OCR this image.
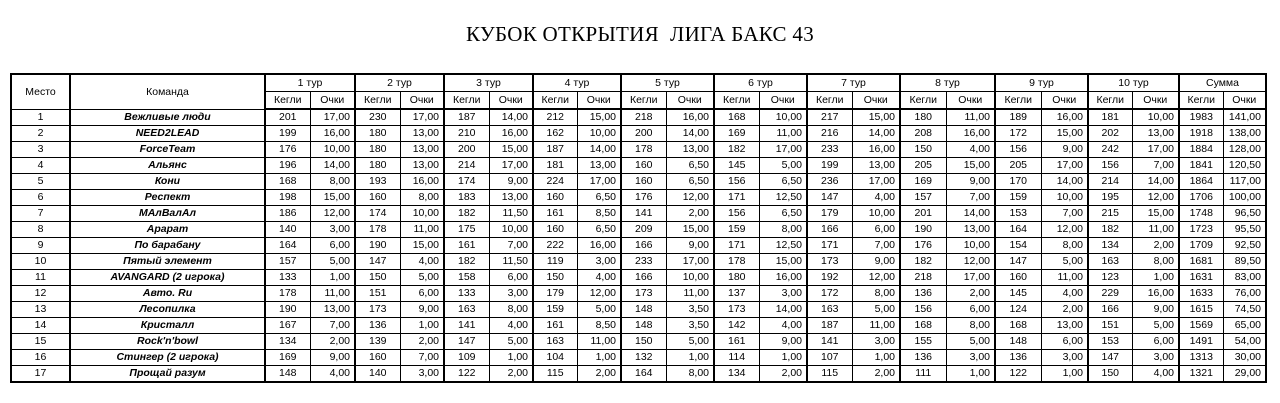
КУБОК ОТКРЫТИЯ  ЛИГА БАКС 43
Место	Команда	1 тур		2 тур		3 тур		4 тур		5 тур		6 тур		7 тур		8 тур		9 тур		10 тур		Сумма	
		Кегли	Очки	Кегли	Очки	Кегли	Очки	Кегли	Очки	Кегли	Очки	Кегли	Очки	Кегли	Очки	Кегли	Очки	Кегли	Очки	Кегли	Очки	Кегли	Очки
1	Вежливые люди	201	17,00	230	17,00	187	14,00	212	15,00	218	16,00	168	10,00	217	15,00	180	11,00	189	16,00	181	10,00	1983	141,00
2	NEED2LEAD	199	16,00	180	13,00	210	16,00	162	10,00	200	14,00	169	11,00	216	14,00	208	16,00	172	15,00	202	13,00	1918	138,00
3	ForceTeam	176	10,00	180	13,00	200	15,00	187	14,00	178	13,00	182	17,00	233	16,00	150	4,00	156	9,00	242	17,00	1884	128,00
4	Альянс	196	14,00	180	13,00	214	17,00	181	13,00	160	6,50	145	5,00	199	13,00	205	15,00	205	17,00	156	7,00	1841	120,50
5	Кони	168	8,00	193	16,00	174	9,00	224	17,00	160	6,50	156	6,50	236	17,00	169	9,00	170	14,00	214	14,00	1864	117,00
6	Респект	198	15,00	160	8,00	183	13,00	160	6,50	176	12,00	171	12,50	147	4,00	157	7,00	159	10,00	195	12,00	1706	100,00
7	МАлВалАл	186	12,00	174	10,00	182	11,50	161	8,50	141	2,00	156	6,50	179	10,00	201	14,00	153	7,00	215	15,00	1748	96,50
8	Арарат	140	3,00	178	11,00	175	10,00	160	6,50	209	15,00	159	8,00	166	6,00	190	13,00	164	12,00	182	11,00	1723	95,50
9	По барабану	164	6,00	190	15,00	161	7,00	222	16,00	166	9,00	171	12,50	171	7,00	176	10,00	154	8,00	134	2,00	1709	92,50
10	Пятый элемент	157	5,00	147	4,00	182	11,50	119	3,00	233	17,00	178	15,00	173	9,00	182	12,00	147	5,00	163	8,00	1681	89,50
11	AVANGARD (2 игрока)	133	1,00	150	5,00	158	6,00	150	4,00	166	10,00	180	16,00	192	12,00	218	17,00	160	11,00	123	1,00	1631	83,00
12	Авто. Ru	178	11,00	151	6,00	133	3,00	179	12,00	173	11,00	137	3,00	172	8,00	136	2,00	145	4,00	229	16,00	1633	76,00
13	Лесопилка	190	13,00	173	9,00	163	8,00	159	5,00	148	3,50	173	14,00	163	5,00	156	6,00	124	2,00	166	9,00	1615	74,50
14	Кристалл	167	7,00	136	1,00	141	4,00	161	8,50	148	3,50	142	4,00	187	11,00	168	8,00	168	13,00	151	5,00	1569	65,00
15	Rock'n'bowl	134	2,00	139	2,00	147	5,00	163	11,00	150	5,00	161	9,00	141	3,00	155	5,00	148	6,00	153	6,00	1491	54,00
16	Стингер (2 игрока)	169	9,00	160	7,00	109	1,00	104	1,00	132	1,00	114	1,00	107	1,00	136	3,00	136	3,00	147	3,00	1313	30,00
17	Прощай разум	148	4,00	140	3,00	122	2,00	115	2,00	164	8,00	134	2,00	115	2,00	111	1,00	122	1,00	150	4,00	1321	29,00
